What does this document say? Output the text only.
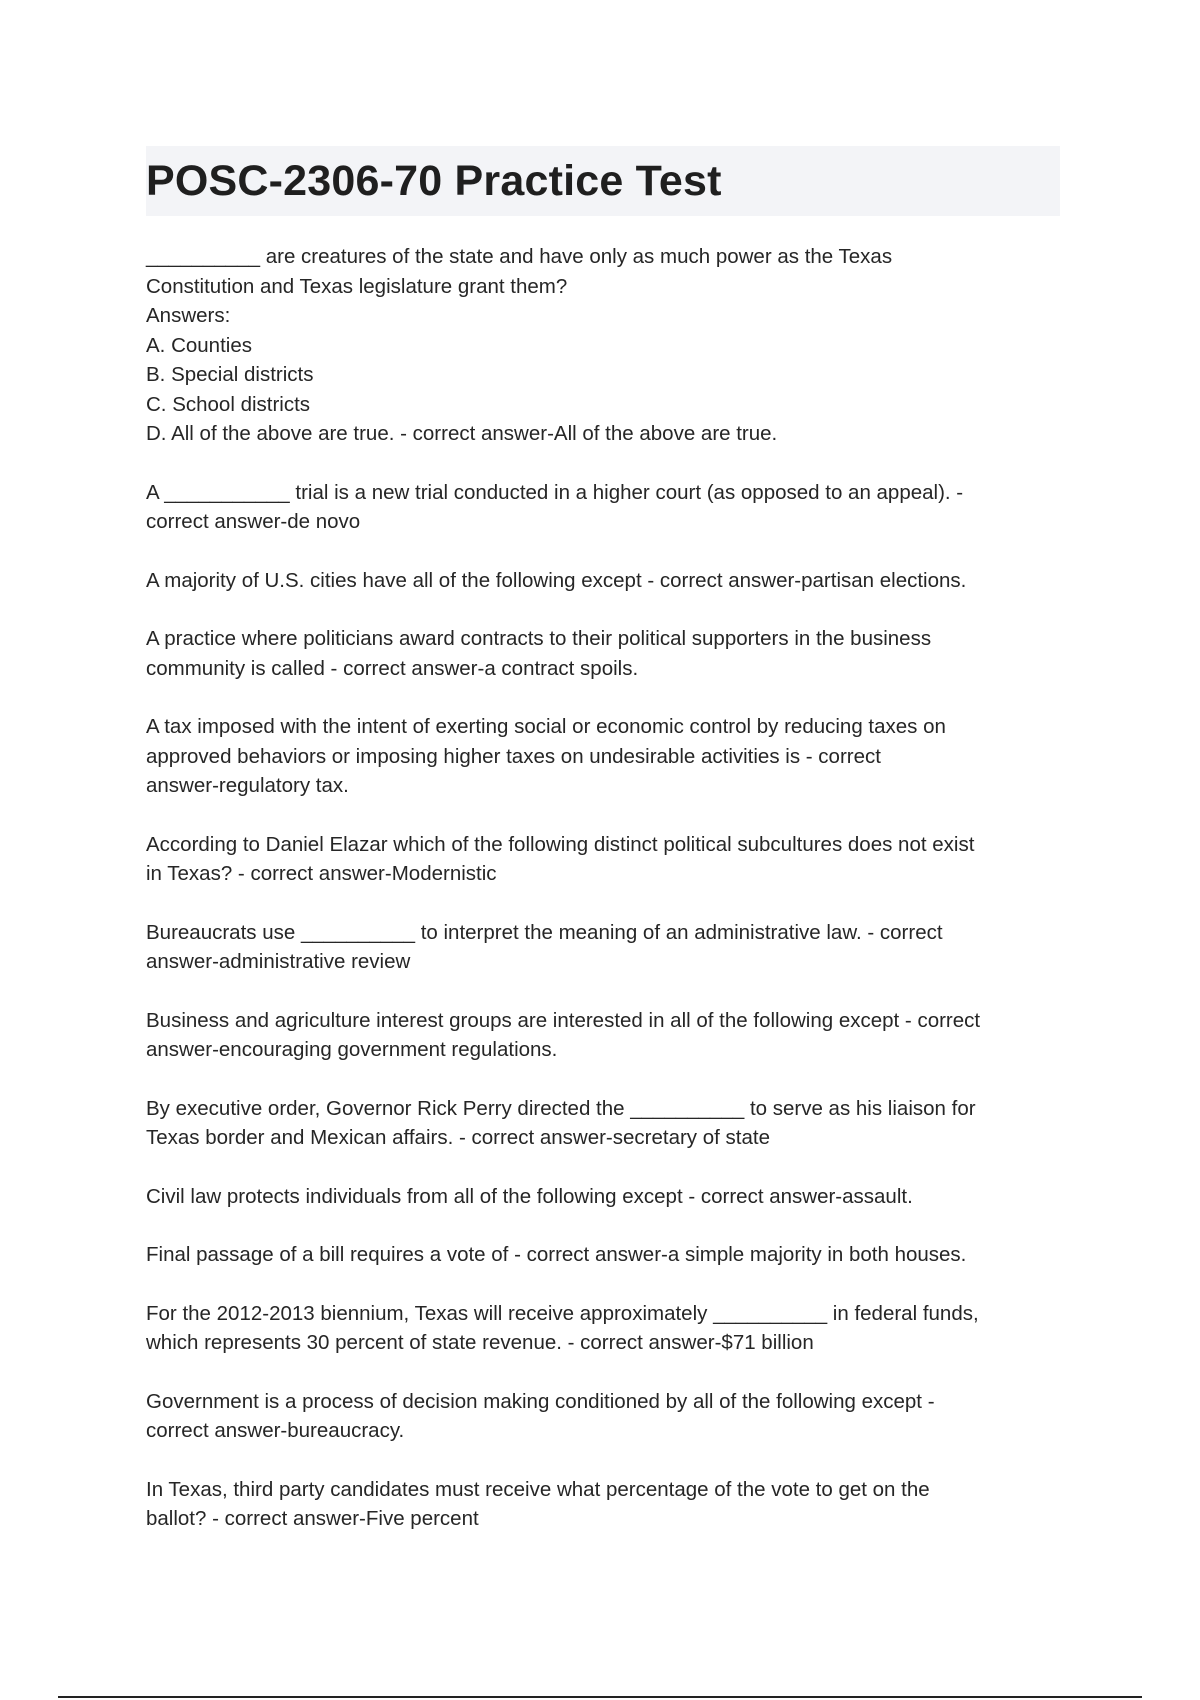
POSC-2306-70 Practice Test

__________ are creatures of the state and have only as much power as the Texas

Constitution and Texas legislature grant them?

Answers:

A. Counties

B. Special districts

C. School districts

D. All of the above are true. - correct answer-All of the above are true.

A ___________ trial is a new trial conducted in a higher court (as opposed to an appeal). -

correct answer-de novo

A majority of U.S. cities have all of the following except - correct answer-partisan elections.

A practice where politicians award contracts to their political supporters in the business

community is called - correct answer-a contract spoils.

A tax imposed with the intent of exerting social or economic control by reducing taxes on

approved behaviors or imposing higher taxes on undesirable activities is - correct

answer-regulatory tax.

According to Daniel Elazar which of the following distinct political subcultures does not exist

in Texas? - correct answer-Modernistic

Bureaucrats use __________ to interpret the meaning of an administrative law. - correct

answer-administrative review

Business and agriculture interest groups are interested in all of the following except - correct

answer-encouraging government regulations.

By executive order, Governor Rick Perry directed the __________ to serve as his liaison for

Texas border and Mexican affairs. - correct answer-secretary of state

Civil law protects individuals from all of the following except - correct answer-assault.

Final passage of a bill requires a vote of - correct answer-a simple majority in both houses.

For the 2012-2013 biennium, Texas will receive approximately __________ in federal funds,

which represents 30 percent of state revenue. - correct answer-$71 billion

Government is a process of decision making conditioned by all of the following except -

correct answer-bureaucracy.

In Texas, third party candidates must receive what percentage of the vote to get on the

ballot? - correct answer-Five percent
